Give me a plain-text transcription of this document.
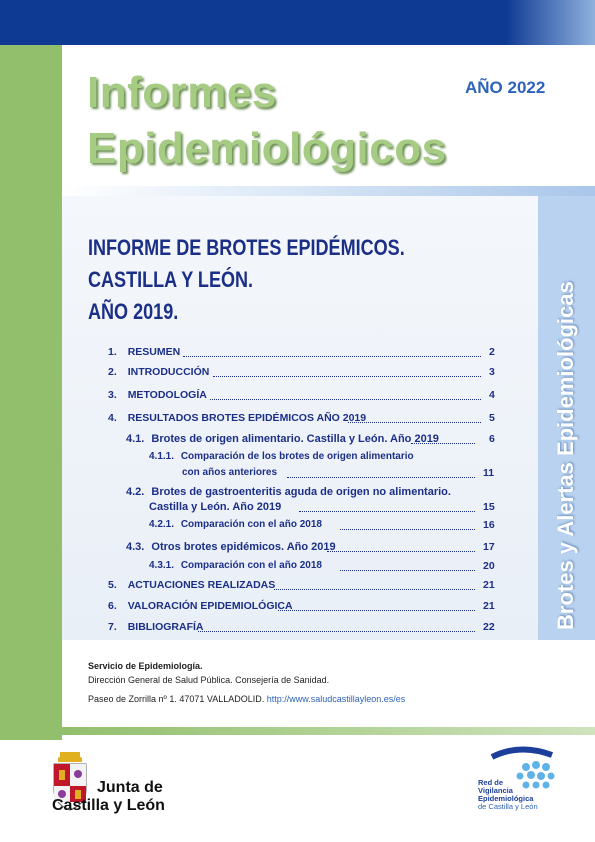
Informes
Epidemiológicos
AÑO 2022
Brotes y Alertas Epidemiológicas
INFORME DE BROTES EPIDÉMICOS.
CASTILLA Y LEÓN.
AÑO 2019.
1. RESUMEN	2
2. INTRODUCCIÓN	3
3. METODOLOGÍA	4
4. RESULTADOS BROTES EPIDÉMICOS AÑO 2019	5
4.1. Brotes de origen alimentario. Castilla y León. Año 2019	6
4.1.1. Comparación de los brotes de origen alimentario
con años anteriores	11
4.2. Brotes de gastroenteritis aguda de origen no alimentario.
Castilla y León. Año 2019	15
4.2.1. Comparación con el año 2018	16
4.3. Otros brotes epidémicos. Año 2019	17
4.3.1. Comparación con el año 2018	20
5. ACTUACIONES REALIZADAS	21
6. VALORACIÓN EPIDEMIOLÓGICA	21
7. BIBLIOGRAFÍA	22
Servicio de Epidemiología.
Dirección General de Salud Pública. Consejería de Sanidad.
Paseo de Zorrilla nº 1. 47071 VALLADOLID. http://www.saludcastillayleon.es/es
Junta de
Castilla y León
Red de
Vigilancia
Epidemiológica
de Castilla y León
